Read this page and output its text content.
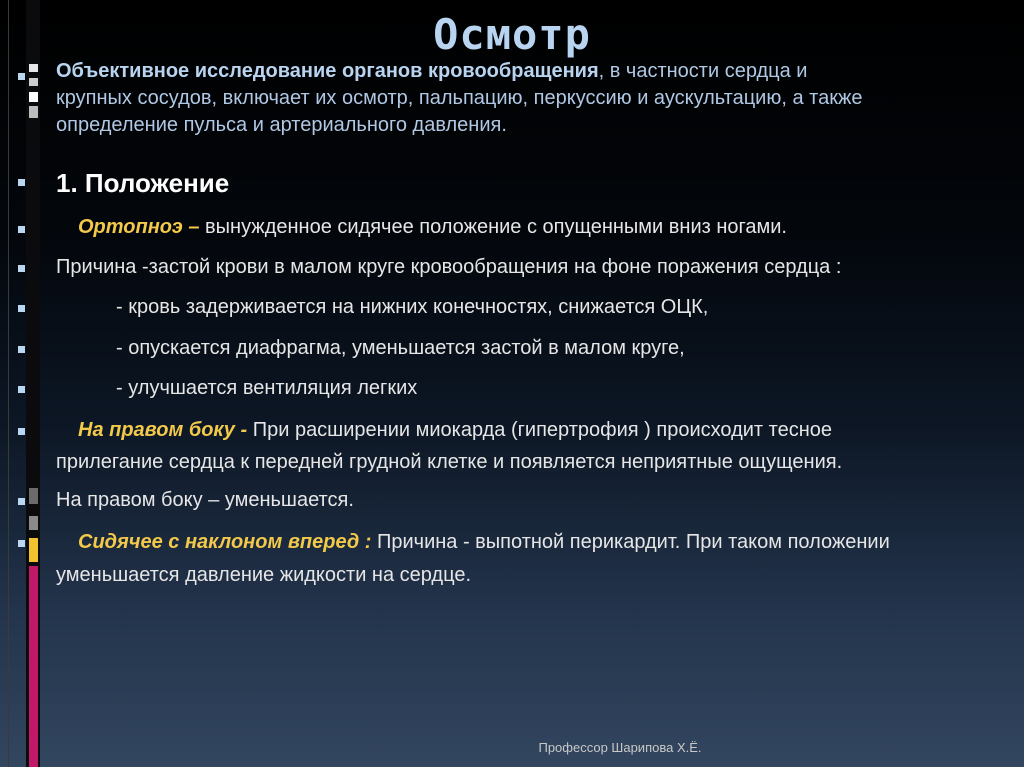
Осмотр
Объективное исследование органов кровообращения, в частности сердца и
крупных сосудов, включает их осмотр, пальпацию, перкуссию и аускультацию, а также
определение пульса и артериального давления.
1. Положение
Ортопноэ – вынужденное сидячее положение с опущенными вниз ногами.
Причина -застой крови в малом круге кровообращения на фоне поражения сердца :
- кровь задерживается на нижних конечностях, снижается ОЦК,
- опускается диафрагма, уменьшается застой в малом круге,
- улучшается вентиляция легких
На правом боку - При расширении миокарда (гипертрофия ) происходит тесное
прилегание сердца к передней грудной клетке и появляется неприятные ощущения.
На правом боку – уменьшается.
Сидячее с наклоном вперед : Причина - выпотной перикардит. При таком положении
уменьшается давление жидкости на сердце.
Профессор Шарипова Х.Ё.
